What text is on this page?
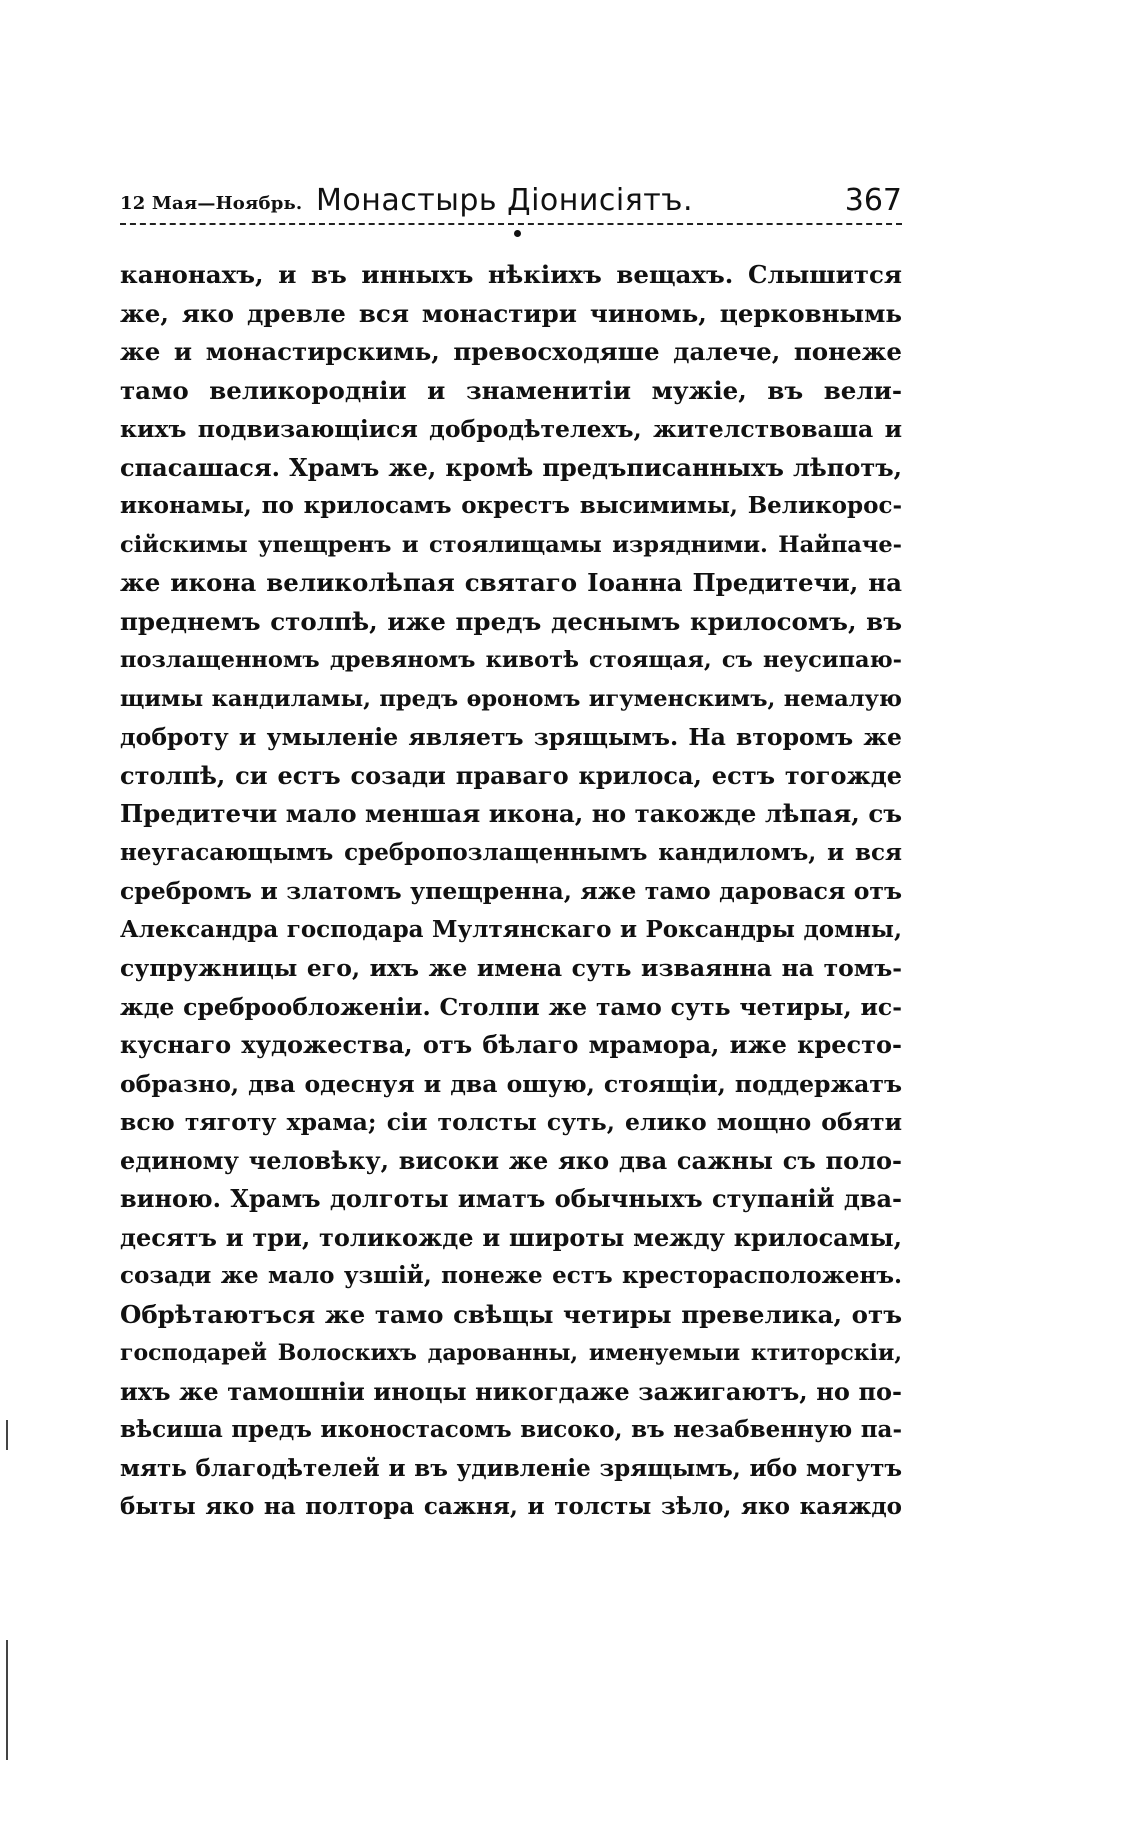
12 Мая—Ноябрь. Монастырь Діонисіятъ.	367
канонахъ, и въ инныхъ нѣкіихъ вещахъ. Слышится
же, яко древле вся монастири чиномь, церковнымь
же и монастирскимь, превосходяше далече, понеже
тамо великороднiи и знаменитiи мужiе, въ вели-
кихъ подвизающiися добродѣтелехъ, жителствоваша и
спасашася. Храмъ же, кромѣ предъписанныхъ лѣпотъ,
иконамы, по крилосамъ окрестъ высимимы, Великорос-
сiйскимы упещренъ и стоялищамы изрядними. Найпаче-
же икона великолѣпая святаго Іоанна Предитечи, на
преднемъ столпѣ, иже предъ деснымъ крилосомъ, въ
позлащенномъ древяномъ кивотѣ стоящая, съ неусипаю-
щимы кандиламы, предъ ѳрономъ игуменскимъ, немалую
доброту и умыленiе являетъ зрящымъ. На второмъ же
столпѣ, си естъ созади праваго крилоса, естъ тогожде
Предитечи мало меншая икона, но такожде лѣпая, съ
неугасающымъ сребропозлащеннымъ кандиломъ, и вся
сребромъ и златомъ упещренна, яже тамо даровася отъ
Александра господара Мултянскаго и Роксандры домны,
супружницы его, ихъ же имена суть изваянна на томъ-
жде среброобложенiи. Столпи же тамо суть четиры, ис-
куснаго художества, отъ бѣлаго мрамора, иже кресто-
образно, два одеснуя и два ошую, стоящiи, поддержатъ
всю тяготу храма; сiи толсты суть, елико мощно обяти
единому человѣку, високи же яко два сажны съ поло-
виною. Храмъ долготы иматъ обычныхъ ступанiй два-
десятъ и три, толикожде и широты между крилосамы,
созади же мало узшiй, понеже естъ кресторасположенъ.
Обрѣтаютъся же тамо свѣщы четиры превелика, отъ
господарей Волоскихъ дарованны, именуемыи ктиторскiи,
ихъ же тамошнiи иноцы никогдаже зажигаютъ, но по-
вѣсиша предъ иконостасомъ високо, въ незабвенную па-
мять благодѣтелей и въ удивленiе зрящымъ, ибо могутъ
быты яко на полтора сажня, и толсты зѣло, яко каяждо
